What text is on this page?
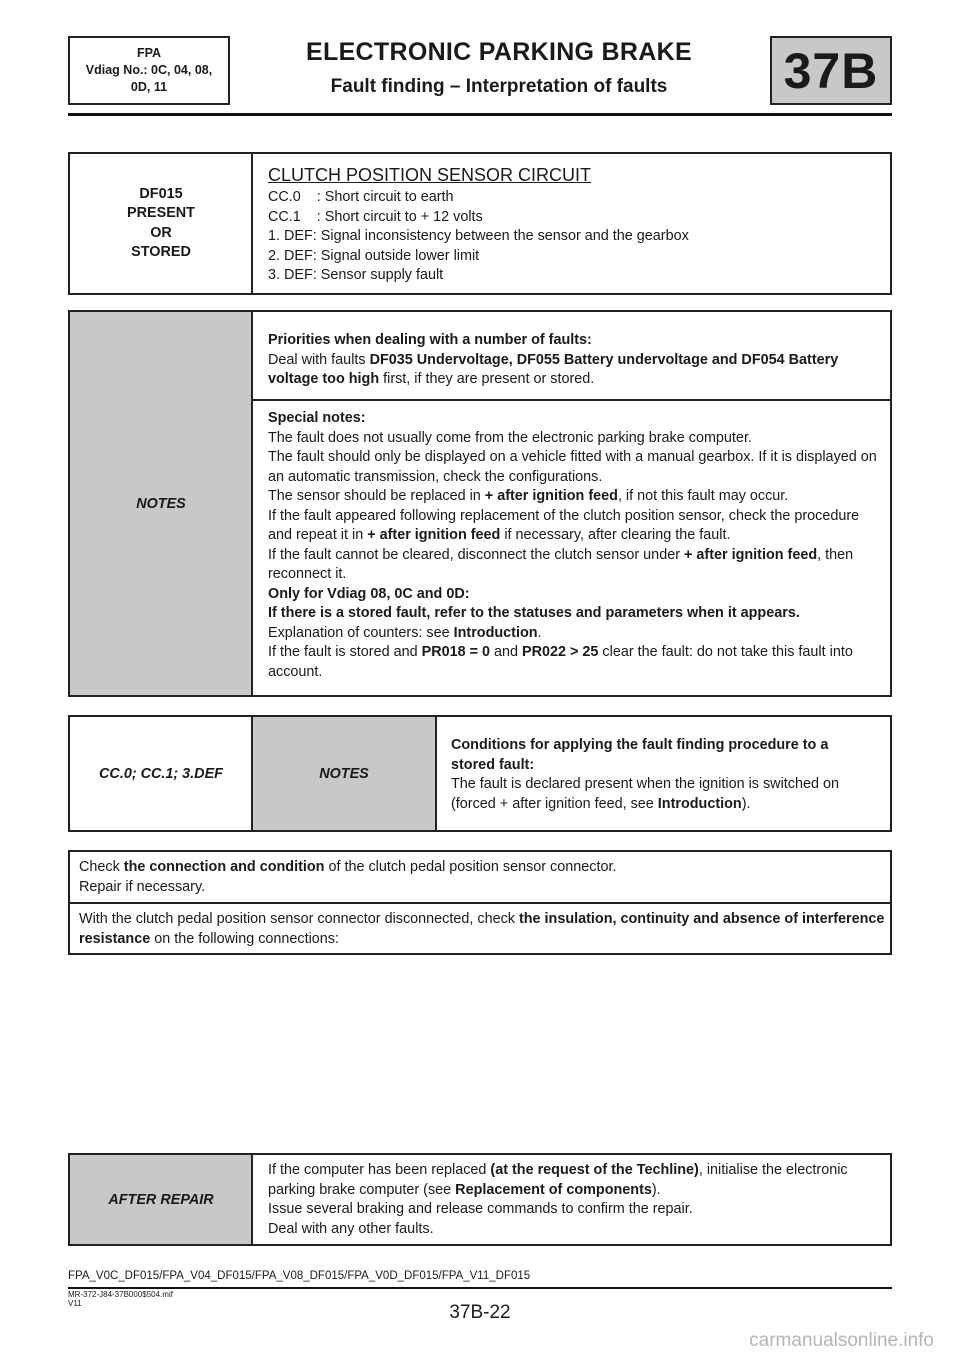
FPA
Vdiag No.: 0C, 04, 08,
0D, 11
ELECTRONIC PARKING BRAKE
Fault finding – Interpretation of faults	37B
DF015
PRESENT
OR
STORED
CLUTCH POSITION SENSOR CIRCUIT
CC.0    : Short circuit to earth
CC.1    : Short circuit to + 12 volts
1. DEF: Signal inconsistency between the sensor and the gearbox
2. DEF: Signal outside lower limit
3. DEF: Sensor supply fault
NOTES
Priorities when dealing with a number of faults:
Deal with faults DF035 Undervoltage, DF055 Battery undervoltage and DF054 Battery voltage too high first, if they are present or stored.
Special notes:
The fault does not usually come from the electronic parking brake computer.
The fault should only be displayed on a vehicle fitted with a manual gearbox. If it is displayed on an automatic transmission, check the configurations.
The sensor should be replaced in + after ignition feed, if not this fault may occur.
If the fault appeared following replacement of the clutch position sensor, check the procedure and repeat it in + after ignition feed if necessary, after clearing the fault.
If the fault cannot be cleared, disconnect the clutch sensor under + after ignition feed, then reconnect it.
Only for Vdiag 08, 0C and 0D:
If there is a stored fault, refer to the statuses and parameters when it appears.
Explanation of counters: see Introduction.
If the fault is stored and PR018 = 0 and PR022 > 25 clear the fault: do not take this fault into account.
CC.0; CC.1; 3.DEF	NOTES
Conditions for applying the fault finding procedure to a stored fault:
The fault is declared present when the ignition is switched on (forced + after ignition feed, see Introduction).
Check the connection and condition of the clutch pedal position sensor connector.
Repair if necessary.
With the clutch pedal position sensor connector disconnected, check the insulation, continuity and absence of interference resistance on the following connections:
AFTER REPAIR
If the computer has been replaced (at the request of the Techline), initialise the electronic parking brake computer (see Replacement of components).
Issue several braking and release commands to confirm the repair.
Deal with any other faults.
FPA_V0C_DF015/FPA_V04_DF015/FPA_V08_DF015/FPA_V0D_DF015/FPA_V11_DF015
MR-372-J84-37B000$504.mif
V11	37B-22
carmanualsonline.info
